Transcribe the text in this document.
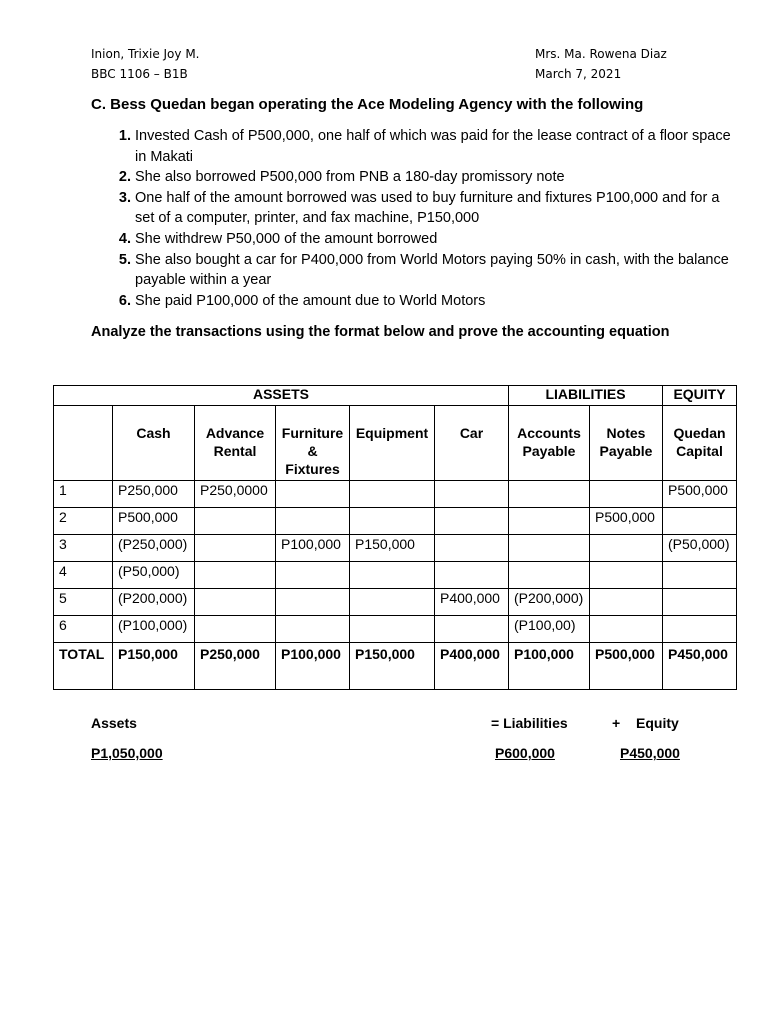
Inion, Trixie Joy M.
BBC 1106 – B1B
Mrs. Ma. Rowena Diaz
March 7, 2021
C. Bess Quedan began operating the Ace Modeling Agency with the following
1. Invested Cash of P500,000, one half of which was paid for the lease contract of a floor space in Makati
2. She also borrowed P500,000 from PNB a 180-day promissory note
3. One half of the amount borrowed was used to buy furniture and fixtures P100,000 and for a set of a computer, printer, and fax machine, P150,000
4. She withdrew P50,000 of the amount borrowed
5. She also bought a car for P400,000 from World Motors paying 50% in cash, with the balance payable within a year
6. She paid P100,000 of the amount due to World Motors
Analyze the transactions using the format below and prove the accounting equation
ASSETS						LIABILITIES		EQUITY
	Cash	Advance Rental	Furniture
&
Fixtures	Equipment	Car	Accounts Payable	Notes Payable	Quedan Capital
1	P250,000	P250,0000						P500,000
2	P500,000						P500,000	
3	(P250,000)		P100,000	P150,000				(P50,000)
4	(P50,000)							
5	(P200,000)				P400,000	(P200,000)		
6	(P100,000)					(P100,00)		
TOTAL	P150,000	P250,000	P100,000	P150,000	P400,000	P100,000	P500,000	P450,000
Assets	= Liabilities	+ Equity
P1,050,000	P600,000	P450,000
